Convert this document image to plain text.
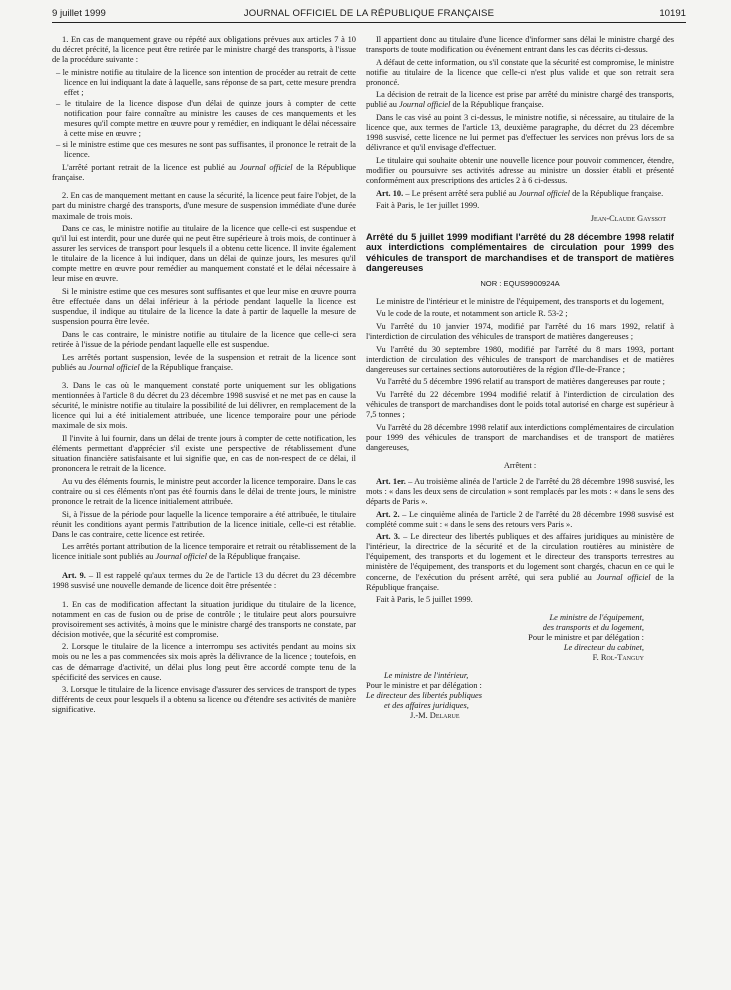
9 juillet 1999	JOURNAL OFFICIEL DE LA RÉPUBLIQUE FRANÇAISE	10191

1. En cas de manquement grave ou répété aux obligations prévues aux articles 7 à 10 du décret précité, la licence peut être retirée par le ministre chargé des transports, à l'issue de la procédure suivante :

– le ministre notifie au titulaire de la licence son intention de procéder au retrait de cette licence en lui indiquant la date à laquelle, sans réponse de sa part, cette mesure prendra effet ;
– le titulaire de la licence dispose d'un délai de quinze jours à compter de cette notification pour faire connaître au ministre les causes de ces manquements et les mesures qu'il compte mettre en œuvre pour y remédier, en indiquant le délai nécessaire à cette mise en œuvre ;
– si le ministre estime que ces mesures ne sont pas suffisantes, il prononce le retrait de la licence.

L'arrêté portant retrait de la licence est publié au Journal officiel de la République française.

2. En cas de manquement mettant en cause la sécurité, la licence peut faire l'objet, de la part du ministre chargé des transports, d'une mesure de suspension immédiate d'une durée maximale de trois mois.

Dans ce cas, le ministre notifie au titulaire de la licence que celle-ci est suspendue et qu'il lui est interdit, pour une durée qui ne peut être supérieure à trois mois, de continuer à assurer les services de transport pour lesquels il a obtenu cette licence. Il invite également le titulaire de la licence à lui indiquer, dans un délai de quinze jours, les mesures qu'il compte mettre en œuvre pour remédier au manquement constaté et le délai nécessaire à leur mise en œuvre.

Si le ministre estime que ces mesures sont suffisantes et que leur mise en œuvre pourra être effectuée dans un délai inférieur à la période pendant laquelle la licence est suspendue, il indique au titulaire de la licence la date à partir de laquelle la mesure de suspension pourra être levée.

Dans le cas contraire, le ministre notifie au titulaire de la licence que celle-ci sera retirée à l'issue de la période pendant laquelle elle est suspendue.

Les arrêtés portant suspension, levée de la suspension et retrait de la licence sont publiés au Journal officiel de la République française.

3. Dans le cas où le manquement constaté porte uniquement sur les obligations mentionnées à l'article 8 du décret du 23 décembre 1998 susvisé et ne met pas en cause la sécurité, le ministre notifie au titulaire la possibilité de lui délivrer, en remplacement de la licence qui lui a été initialement attribuée, une licence temporaire pour une période maximale de six mois.

Il l'invite à lui fournir, dans un délai de trente jours à compter de cette notification, les éléments permettant d'apprécier s'il existe une perspective de rétablissement d'une situation financière satisfaisante et lui signifie que, en cas de non-respect de ce délai, il prononcera le retrait de la licence.

Au vu des éléments fournis, le ministre peut accorder la licence temporaire. Dans le cas contraire ou si ces éléments n'ont pas été fournis dans le délai de trente jours, le ministre prononce le retrait de la licence initialement attribuée.

Si, à l'issue de la période pour laquelle la licence temporaire a été attribuée, le titulaire réunit les conditions ayant permis l'attribution de la licence initiale, celle-ci est rétablie. Dans le cas contraire, cette licence est retirée.

Les arrêtés portant attribution de la licence temporaire et retrait ou rétablissement de la licence initiale sont publiés au Journal officiel de la République française.

Art. 9. – Il est rappelé qu'aux termes du 2e de l'article 13 du décret du 23 décembre 1998 susvisé une nouvelle demande de licence doit être présentée :

1. En cas de modification affectant la situation juridique du titulaire de la licence, notamment en cas de fusion ou de prise de contrôle ; le titulaire peut alors poursuivre provisoirement ses activités, à moins que le ministre chargé des transports ne constate, par décision motivée, que la sécurité est compromise.

2. Lorsque le titulaire de la licence a interrompu ses activités pendant au moins six mois ou ne les a pas commencées six mois après la délivrance de la licence ; toutefois, en cas de démarrage d'activité, un délai plus long peut être accordé compte tenu de la spécificité des services en cause.

3. Lorsque le titulaire de la licence envisage d'assurer des services de transport de types différents de ceux pour lesquels il a obtenu sa licence ou d'étendre ses activités de manière significative.

Il appartient donc au titulaire d'une licence d'informer sans délai le ministre chargé des transports de toute modification ou événement entrant dans les cas décrits ci-dessus.

A défaut de cette information, ou s'il constate que la sécurité est compromise, le ministre notifie au titulaire de la licence que celle-ci n'est plus valide et que son retrait sera prononcé.

La décision de retrait de la licence est prise par arrêté du ministre chargé des transports, publié au Journal officiel de la République française.

Dans le cas visé au point 3 ci-dessus, le ministre notifie, si nécessaire, au titulaire de la licence que, aux termes de l'article 13, deuxième paragraphe, du décret du 23 décembre 1998 susvisé, cette licence ne lui permet pas d'effectuer les services non prévus lors de sa délivrance et qu'il envisage d'effectuer.

Le titulaire qui souhaite obtenir une nouvelle licence pour pouvoir commencer, étendre, modifier ou poursuivre ses activités adresse au ministre un dossier établi et présenté conformément aux prescriptions des articles 2 à 6 ci-dessus.

Art. 10. – Le présent arrêté sera publié au Journal officiel de la République française.

Fait à Paris, le 1er juillet 1999.

Jean-Claude Gayssot
Arrêté du 5 juillet 1999 modifiant l'arrêté du 28 décembre 1998 relatif aux interdictions complémentaires de circulation pour 1999 des véhicules de transport de marchandises et de transport de matières dangereuses
NOR : EQUS9900924A

Le ministre de l'intérieur et le ministre de l'équipement, des transports et du logement,

Vu le code de la route, et notamment son article R. 53-2 ;

Vu l'arrêté du 10 janvier 1974, modifié par l'arrêté du 16 mars 1992, relatif à l'interdiction de circulation des véhicules de transport de matières dangereuses ;

Vu l'arrêté du 30 septembre 1980, modifié par l'arrêté du 8 mars 1993, portant interdiction de circulation des véhicules de transport de marchandises et de matières dangereuses sur certaines sections autoroutières de la région d'Ile-de-France ;

Vu l'arrêté du 5 décembre 1996 relatif au transport de matières dangereuses par route ;

Vu l'arrêté du 22 décembre 1994 modifié relatif à l'interdiction de circulation des véhicules de transport de marchandises dont le poids total autorisé en charge est supérieur à 7,5 tonnes ;

Vu l'arrêté du 28 décembre 1998 relatif aux interdictions complémentaires de circulation pour 1999 des véhicules de transport de marchandises et de transport de matières dangereuses,

Arrêtent :

Art. 1er. – Au troisième alinéa de l'article 2 de l'arrêté du 28 décembre 1998 susvisé, les mots : « dans les deux sens de circulation » sont remplacés par les mots : « dans le sens des départs de Paris ».

Art. 2. – Le cinquième alinéa de l'article 2 de l'arrêté du 28 décembre 1998 susvisé est complété comme suit : « dans le sens des retours vers Paris ».

Art. 3. – Le directeur des libertés publiques et des affaires juridiques au ministère de l'intérieur, la directrice de la sécurité et de la circulation routières au ministère de l'équipement, des transports et du logement et le directeur des transports terrestres au ministère de l'équipement, des transports et du logement sont chargés, chacun en ce qui le concerne, de l'exécution du présent arrêté, qui sera publié au Journal officiel de la République française.

Fait à Paris, le 5 juillet 1999.

Le ministre de l'équipement,
des transports et du logement,
Pour le ministre et par délégation :
Le directeur du cabinet,
F. Rol-Tanguy
Le ministre de l'intérieur,
Pour le ministre et par délégation :
Le directeur des libertés publiques
et des affaires juridiques,
J.-M. Delarue
